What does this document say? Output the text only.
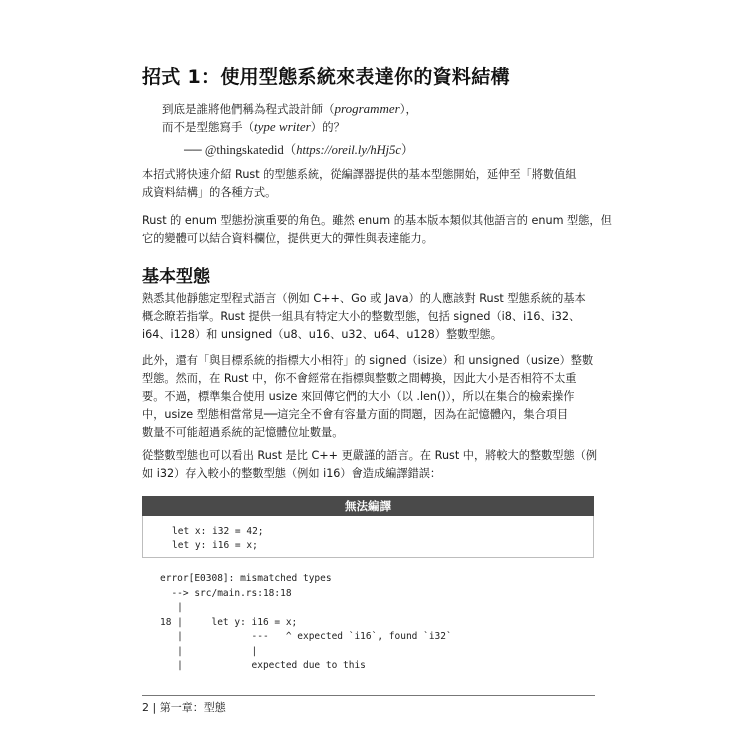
招式 1：使用型態系統來表達你的資料結構
到底是誰將他們稱為程式設計師（programmer），
而不是型態寫手（type writer）的？
── @thingskatedid（https://oreil.ly/hHj5c）
本招式將快速介紹 Rust 的型態系統，從編譯器提供的基本型態開始，延伸至「將數值組
成資料結構」的各種方式。
Rust 的 enum 型態扮演重要的角色。雖然 enum 的基本版本類似其他語言的 enum 型態，但
它的變體可以結合資料欄位，提供更大的彈性與表達能力。
基本型態
熟悉其他靜態定型程式語言（例如 C++、Go 或 Java）的人應該對 Rust 型態系統的基本
概念瞭若指掌。Rust 提供一組具有特定大小的整數型態，包括 signed（i8、i16、i32、
i64、i128）和 unsigned（u8、u16、u32、u64、u128）整數型態。
此外，還有「與目標系統的指標大小相符」的 signed（isize）和 unsigned（usize）整數
型態。然而，在 Rust 中，你不會經常在指標與整數之間轉換，因此大小是否相符不太重
要。不過，標準集合使用 usize 來回傳它們的大小（以 .len()），所以在集合的檢索操作
中，usize 型態相當常見──這完全不會有容量方面的問題，因為在記憶體內，集合項目
數量不可能超過系統的記憶體位址數量。
從整數型態也可以看出 Rust 是比 C++ 更嚴謹的語言。在 Rust 中，將較大的整數型態（例
如 i32）存入較小的整數型態（例如 i16）會造成編譯錯誤：
無法編譯
let x: i32 = 42;
let y: i16 = x;
error[E0308]: mismatched types
--> src/main.rs:18:18
|
18 |     let y: i16 = x;
|            ---   ^ expected `i16`, found `i32`
|            |
|            expected due to this
2 | 第一章：型態
